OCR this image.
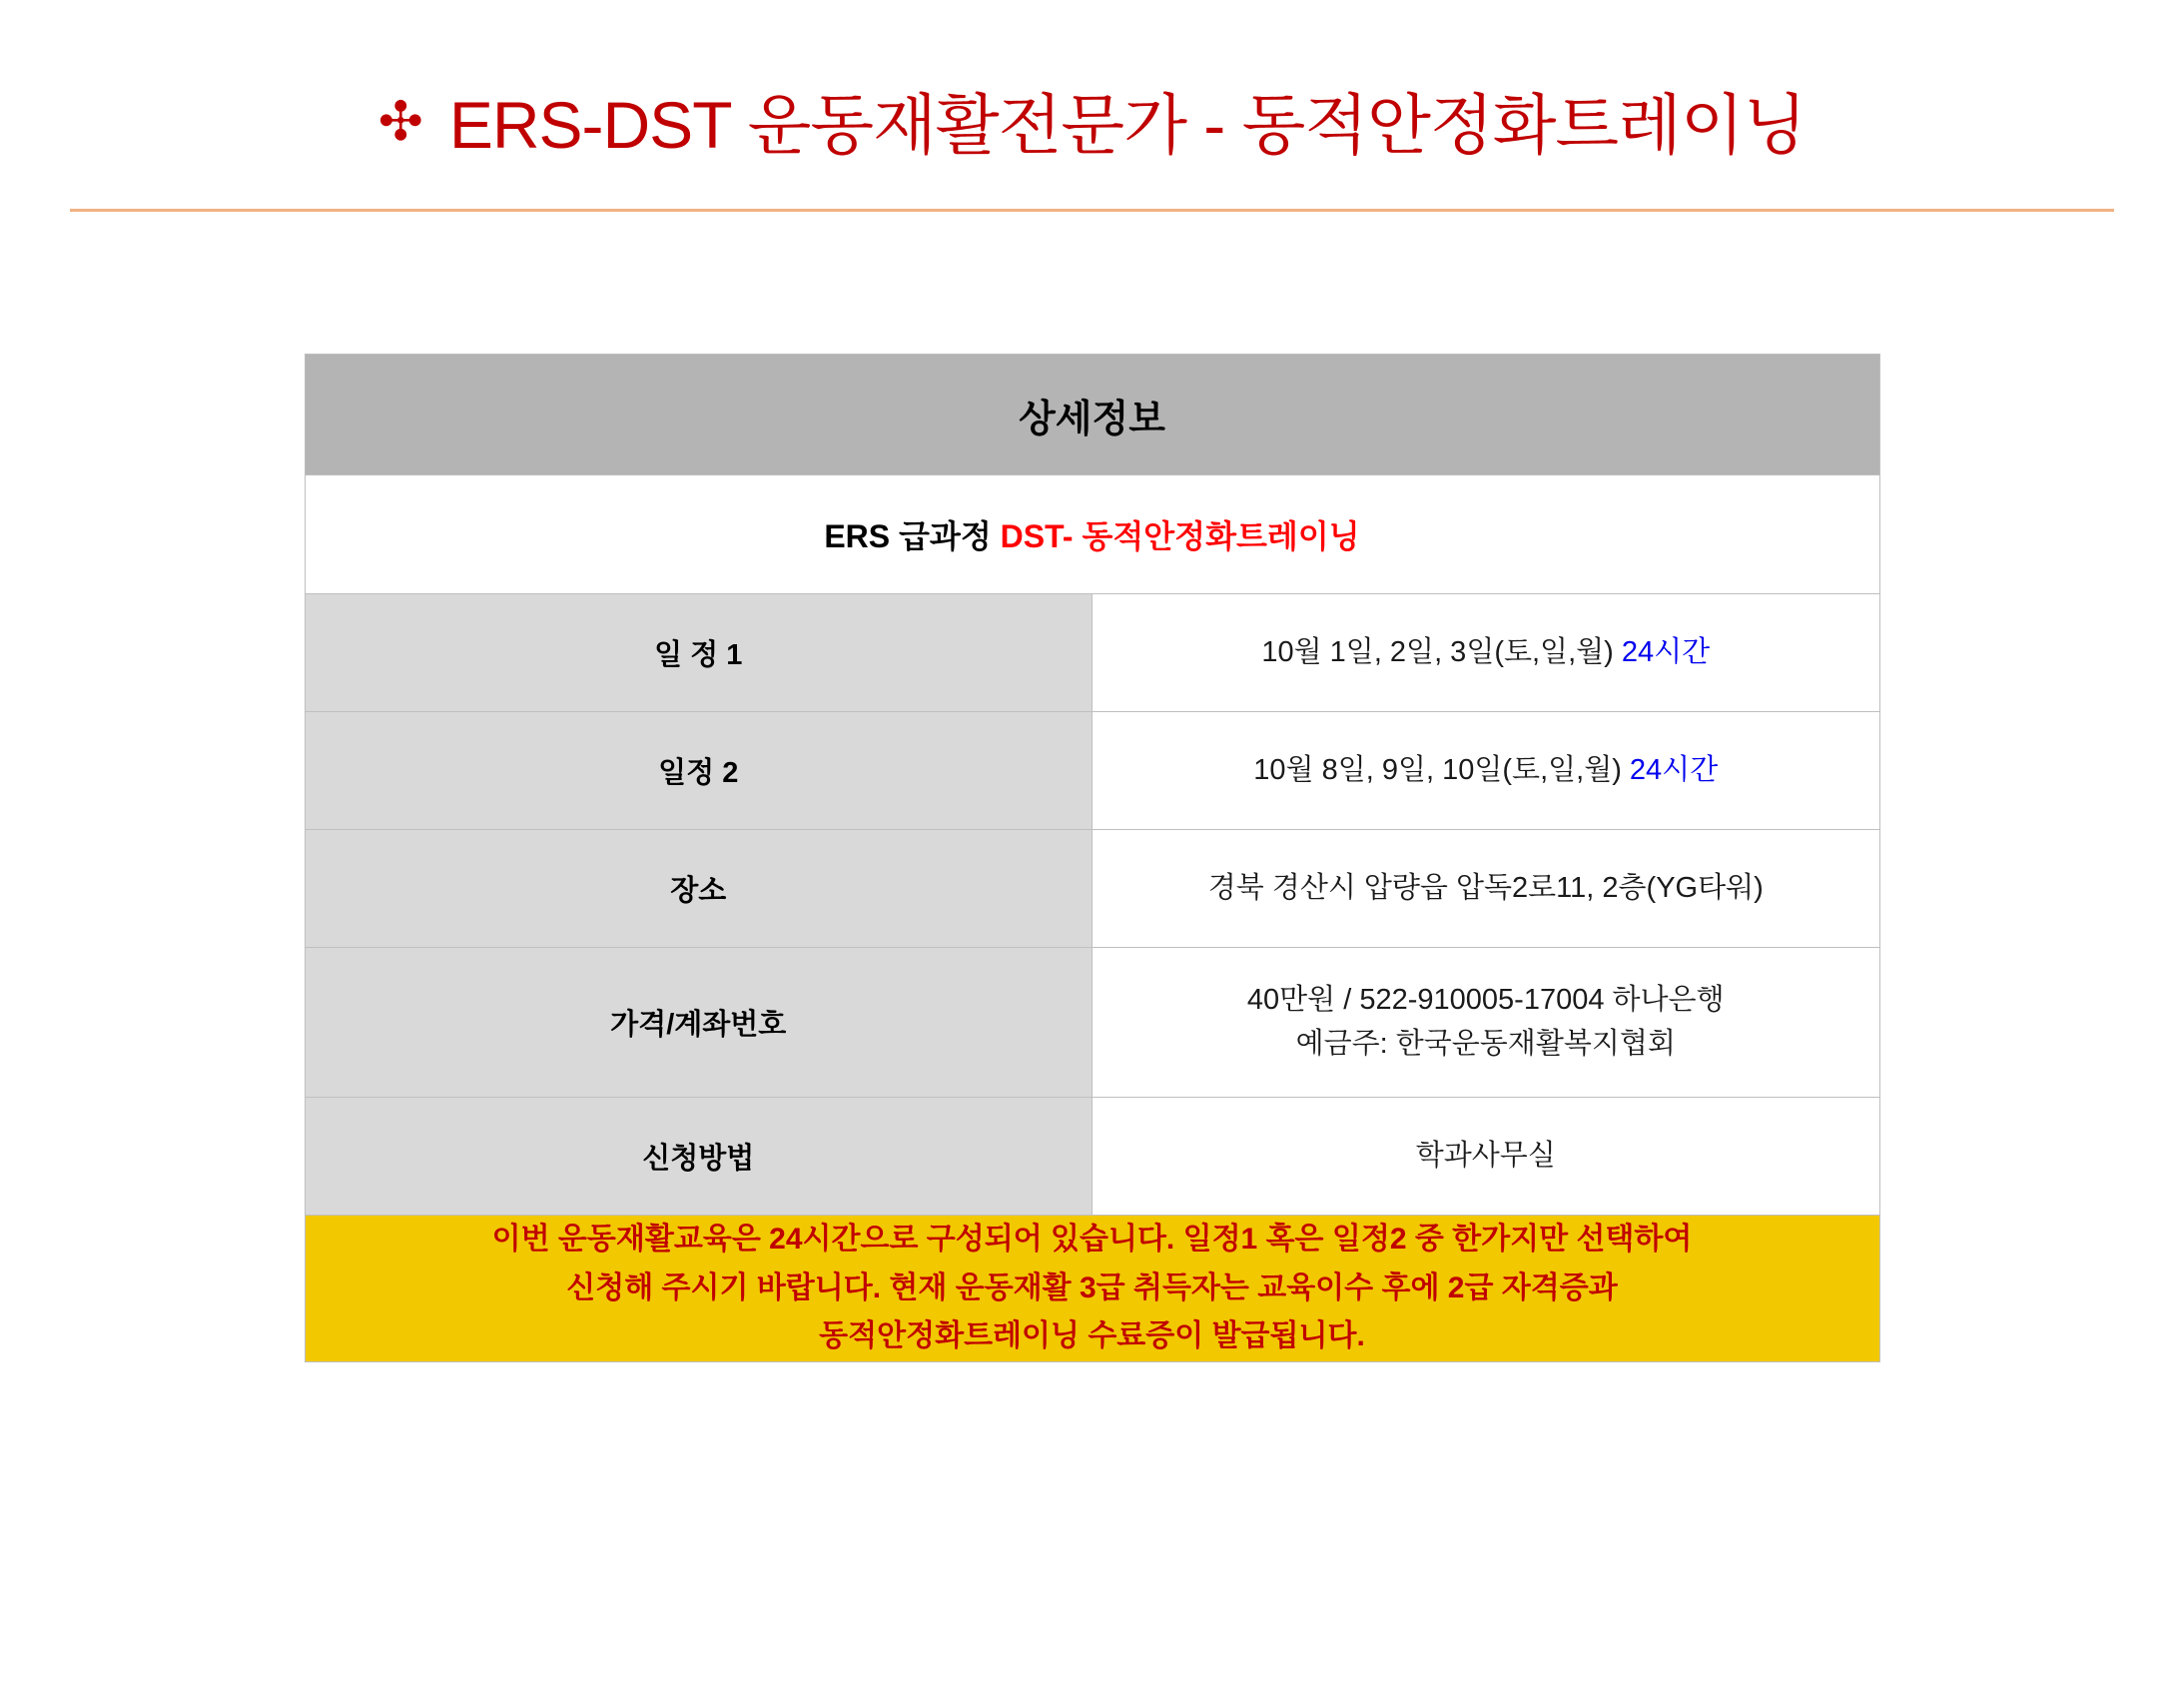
✣ ERS-DST 운동재활전문가 - 동적안정화트레이닝
상세정보	
ERS 급과정 DST- 동적안정화트레이닝	
일 정 1	10월 1일, 2일, 3일(토,일,월) 24시간
일정 2	10월 8일, 9일, 10일(토,일,월) 24시간
장소	경북 경산시 압량읍 압독2로11, 2층(YG타워)
가격/계좌번호	40만원 / 522-910005-17004 하나은행
예금주: 한국운동재활복지협회

신청방법	학과사무실

이번 운동재활교육은 24시간으로 구성되어 있습니다. 일정1 혹은 일정2 중 한가지만 선택하여
신청해 주시기 바랍니다. 현재 운동재활 3급 취득자는 교육이수 후에 2급 자격증과
동적안정화트레이닝 수료증이 발급됩니다.	
